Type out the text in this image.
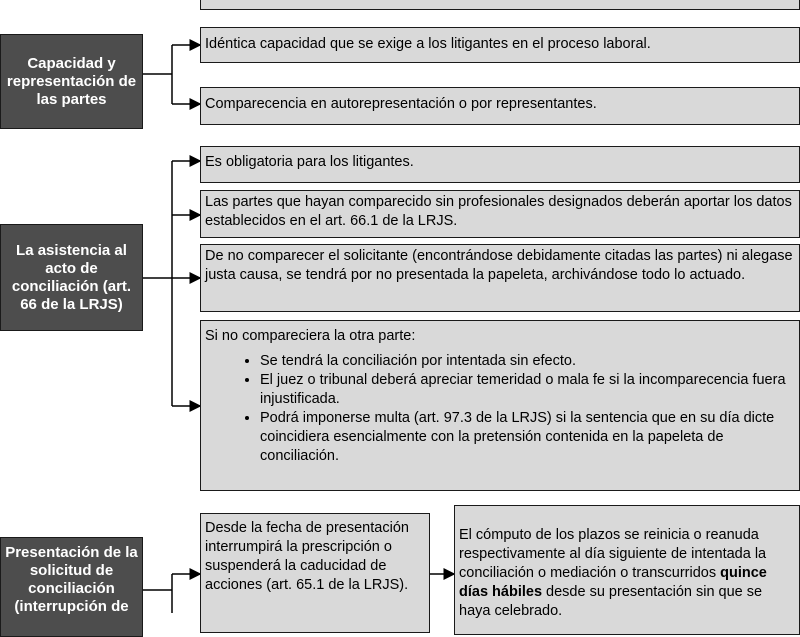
Capacidad y representación de las partes
Idéntica capacidad que se exige a los litigantes en el proceso laboral.
Comparecencia en autorepresentación o por representantes.
La asistencia al acto de conciliación (art. 66 de la LRJS)
Es obligatoria para los litigantes.
Las partes que hayan comparecido sin profesionales designados deberán aportar los datos establecidos en el art. 66.1 de la LRJS.
De no comparecer el solicitante (encontrándose debidamente citadas las partes) ni alegase justa causa, se tendrá por no presentada la papeleta, archivándose todo lo actuado.
Si no compareciera la otra parte:
• Se tendrá la conciliación por intentada sin efecto.
• El juez o tribunal deberá apreciar temeridad o mala fe si la incomparecencia fuera injustificada.
• Podrá imponerse multa (art. 97.3 de la LRJS) si la sentencia que en su día dicte coincidiera esencialmente con la pretensión contenida en la papeleta de conciliación.
Presentación de la solicitud de conciliación (interrupción de
Desde la fecha de presentación interrumpirá la prescripción o suspenderá la caducidad de acciones (art. 65.1 de la LRJS).
El cómputo de los plazos se reinicia o reanuda respectivamente al día siguiente de intentada la conciliación o mediación o transcurridos quince días hábiles desde su presentación sin que se haya celebrado.
